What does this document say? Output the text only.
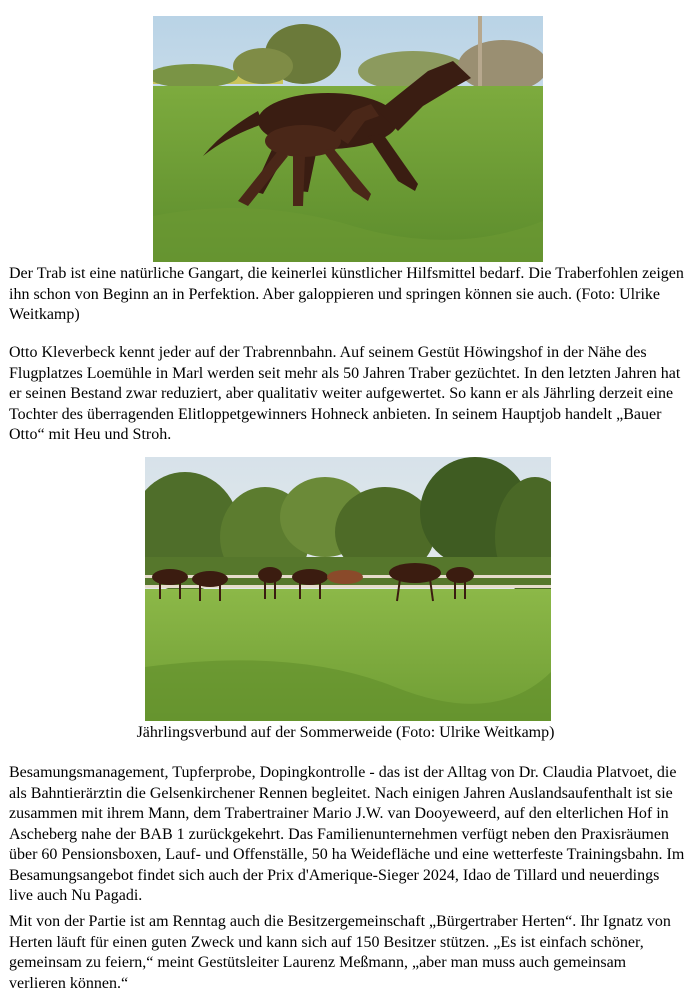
Der Trab ist eine natürliche Gangart, die keinerlei künstlicher Hilfsmittel bedarf. Die Traberfohlen zeigen ihn schon von Beginn an in Perfektion. Aber galoppieren und springen können sie auch. (Foto: Ulrike Weitkamp)

Otto Kleverbeck kennt jeder auf der Trabrennbahn. Auf seinem Gestüt Höwingshof in der Nähe des Flugplatzes Loemühle in Marl werden seit mehr als 50 Jahren Traber gezüchtet. In den letzten Jahren hat er seinen Bestand zwar reduziert, aber qualitativ weiter aufgewertet. So kann er als Jährling derzeit eine Tochter des überragenden Elitloppetgewinners Hohneck anbieten. In seinem Hauptjob handelt „Bauer Otto“ mit Heu und Stroh.

Jährlingsverbund auf der Sommerweide (Foto: Ulrike Weitkamp)

Besamungsmanagement, Tupferprobe, Dopingkontrolle - das ist der Alltag von Dr. Claudia Platvoet, die als Bahntierärztin die Gelsenkirchener Rennen begleitet. Nach einigen Jahren Auslandsaufenthalt ist sie zusammen mit ihrem Mann, dem Trabertrainer Mario J.W. van Dooyeweerd, auf den elterlichen Hof in Ascheberg nahe der BAB 1 zurückgekehrt. Das Familienunternehmen verfügt neben den Praxisräumen über 60 Pensionsboxen, Lauf- und Offenställe, 50 ha Weidefläche und eine wetterfeste Trainingsbahn. Im Besamungsangebot findet sich auch der Prix d'Amerique-Sieger 2024, Idao de Tillard und neuerdings live auch Nu Pagadi.

Mit von der Partie ist am Renntag auch die Besitzergemeinschaft „Bürgertraber Herten“. Ihr Ignatz von Herten läuft für einen guten Zweck und kann sich auf 150 Besitzer stützen. „Es ist einfach schöner, gemeinsam zu feiern,“ meint Gestütsleiter Laurenz Meßmann, „aber man muss auch gemeinsam verlieren können.“
